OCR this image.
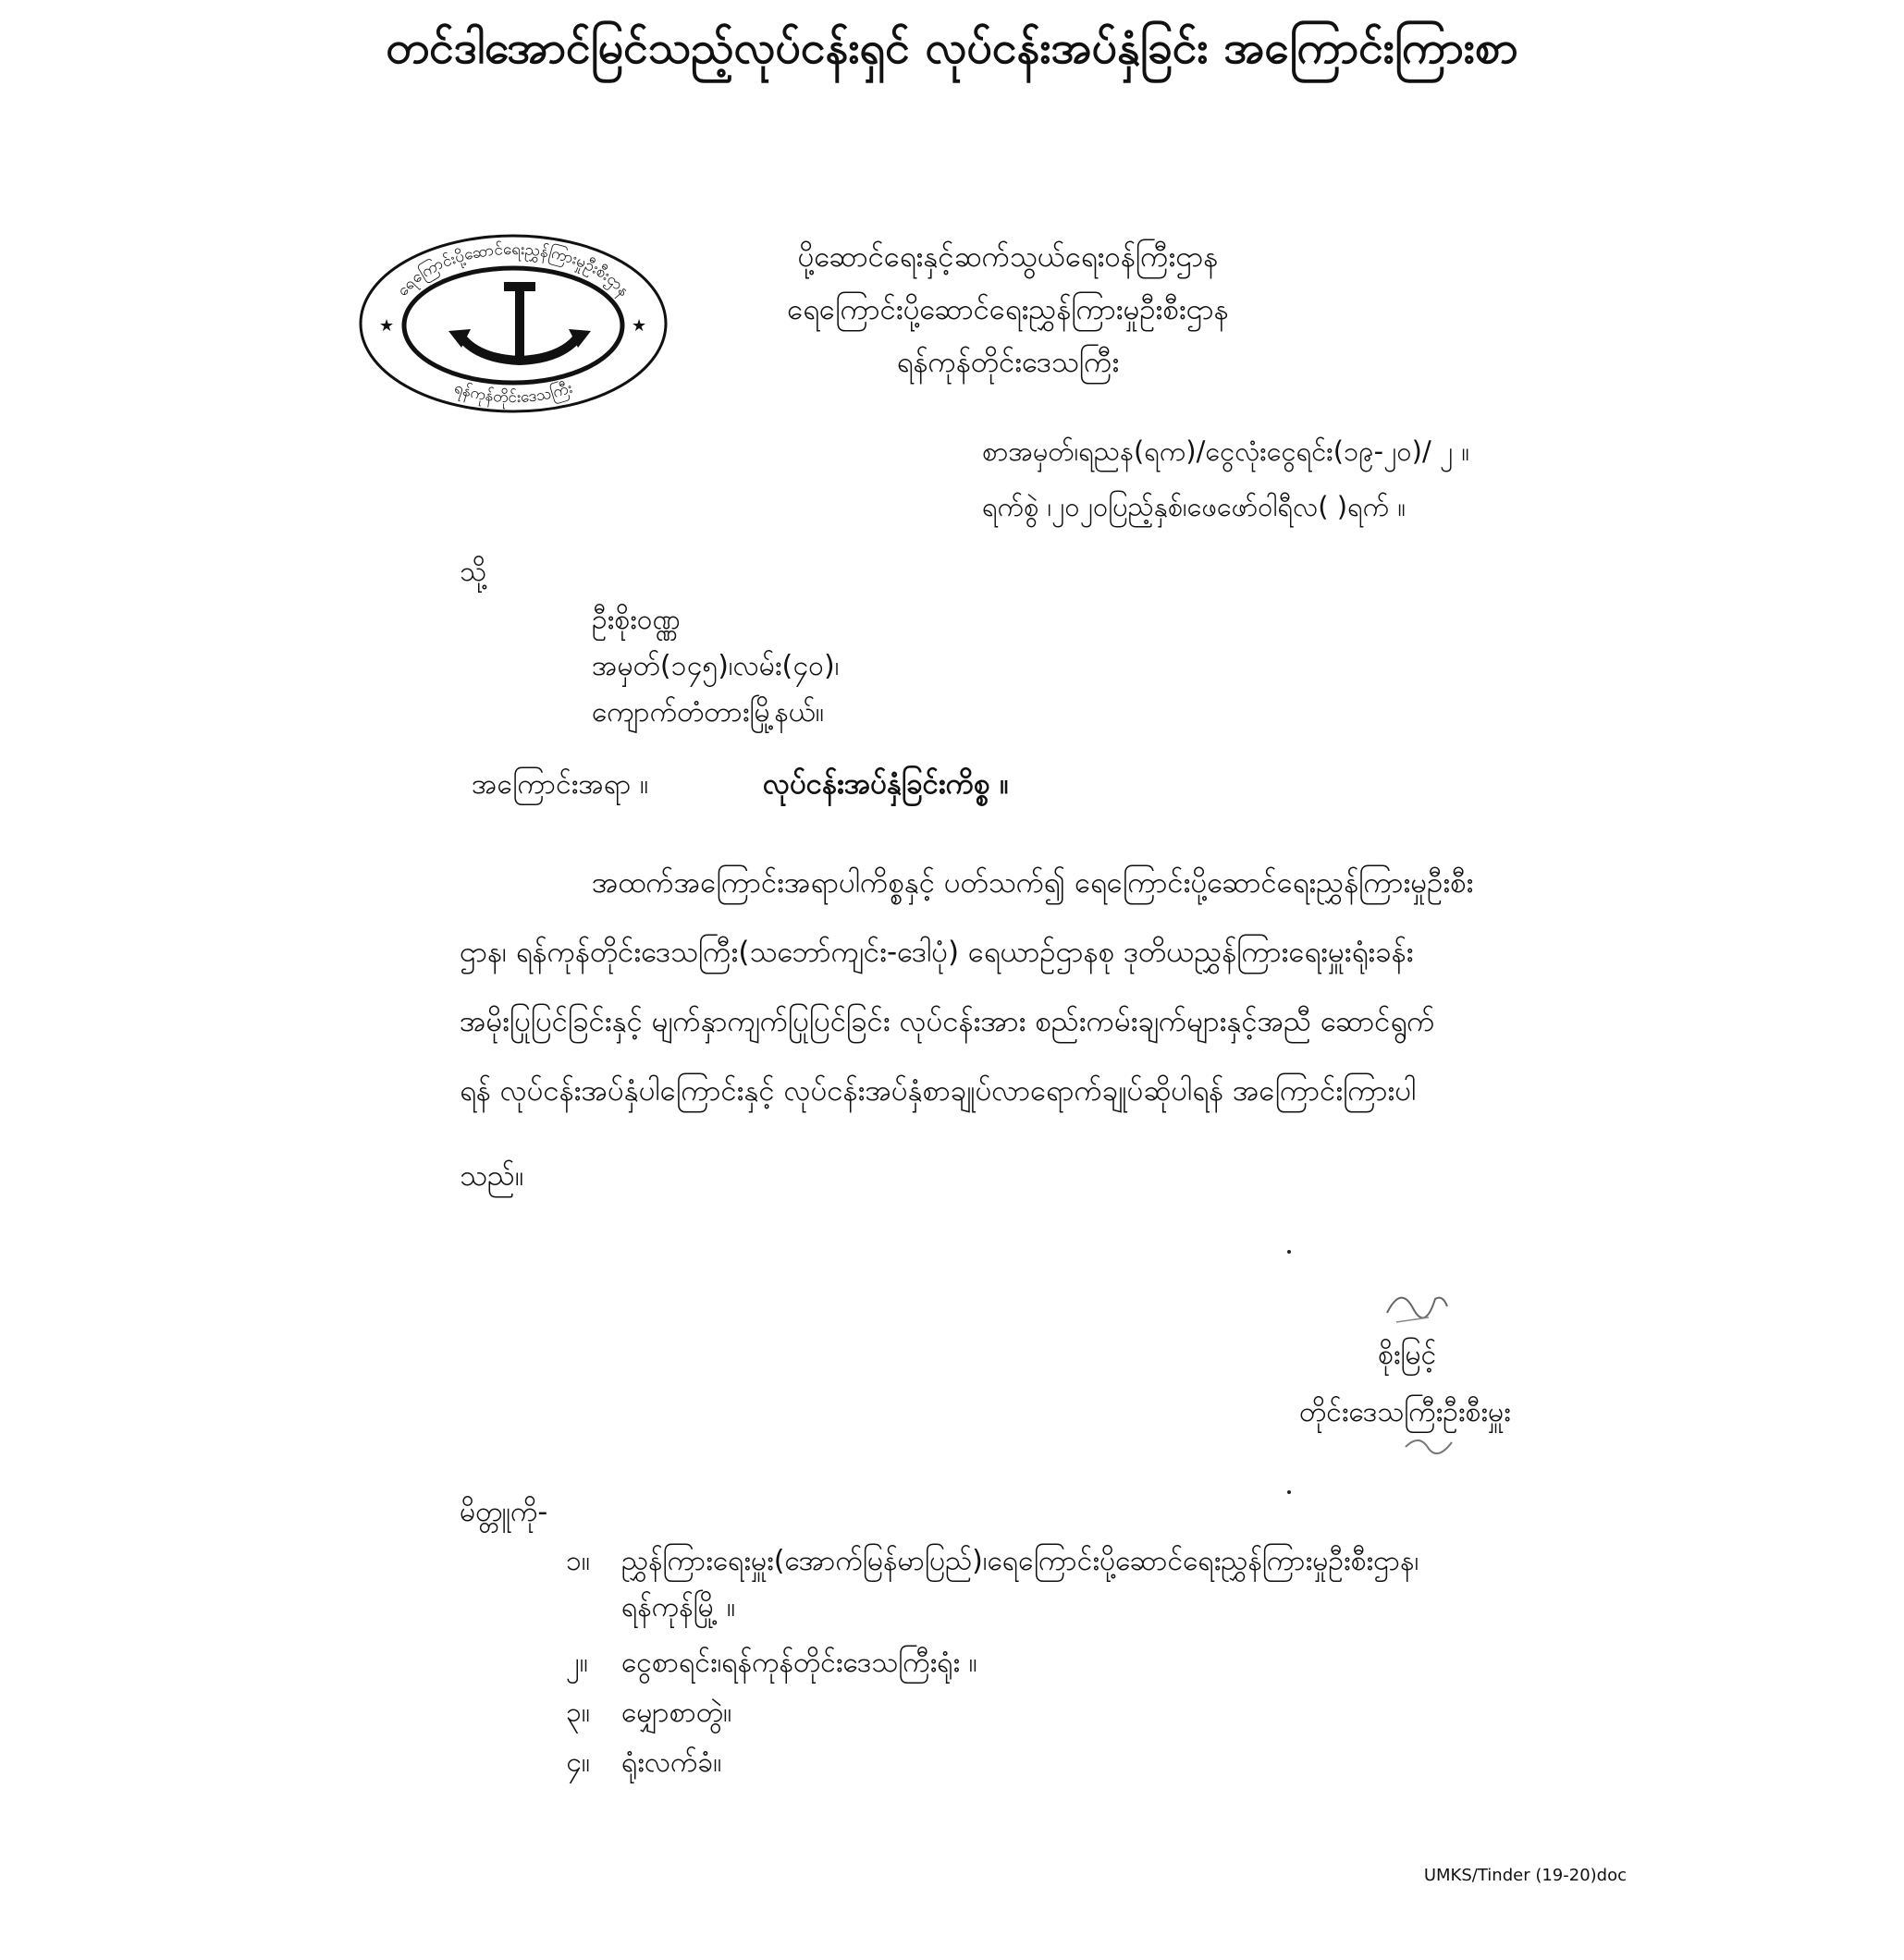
တင်ဒါအောင်မြင်သည့်လုပ်ငန်းရှင် လုပ်ငန်းအပ်နှံခြင်း အကြောင်းကြားစာ
ရေကြောင်းပို့ဆောင်ရေးညွှန်ကြားမှုဦးစီးဌာန
ရန်ကုန်တိုင်းဒေသကြီး
★	★
ပို့ဆောင်ရေးနှင့်ဆက်သွယ်ရေးဝန်ကြီးဌာန
ရေကြောင်းပို့ဆောင်ရေးညွှန်ကြားမှုဦးစီးဌာန
ရန်ကုန်တိုင်းဒေသကြီး
စာအမှတ်၊ရညန(ရက)/ငွေလုံးငွေရင်း(၁၉-၂၀)/ ၂ ။
ရက်စွဲ ၊၂၀၂၀ပြည့်နှစ်၊ဖေဖော်ဝါရီလ( )ရက် ။
သို့
ဦးစိုးဝဏ္ဏ
အမှတ်(၁၄၅)၊လမ်း(၄၀)၊
ကျောက်တံတားမြို့နယ်။
အကြောင်းအရာ ။	လုပ်ငန်းအပ်နှံခြင်းကိစ္စ ။
အထက်အကြောင်းအရာပါကိစ္စနှင့် ပတ်သက်၍ ရေကြောင်းပို့ဆောင်ရေးညွှန်ကြားမှုဦးစီး
ဌာန၊ ရန်ကုန်တိုင်းဒေသကြီး(သဘော်ကျင်း-ဒေါပုံ) ရေယာဉ်ဌာနစု ဒုတိယညွှန်ကြားရေးမှူးရုံးခန်း
အမိုးပြုပြင်ခြင်းနှင့် မျက်နှာကျက်ပြုပြင်ခြင်း လုပ်ငန်းအား စည်းကမ်းချက်များနှင့်အညီ ဆောင်ရွက်
ရန် လုပ်ငန်းအပ်နှံပါကြောင်းနှင့် လုပ်ငန်းအပ်နှံစာချုပ်လာရောက်ချုပ်ဆိုပါရန် အကြောင်းကြားပါ
သည်။
စိုးမြင့်
တိုင်းဒေသကြီးဦးစီးမှူး
မိတ္တူကို-
၁။ ညွှန်ကြားရေးမှူး(အောက်မြန်မာပြည်)၊ရေကြောင်းပို့ဆောင်ရေးညွှန်ကြားမှုဦးစီးဌာန၊
ရန်ကုန်မြို့ ။
၂။ ငွေစာရင်း၊ရန်ကုန်တိုင်းဒေသကြီးရုံး ။
၃။ မျှောစာတွဲ။
၄။ ရုံးလက်ခံ။
UMKS/Tinder (19-20)doc
